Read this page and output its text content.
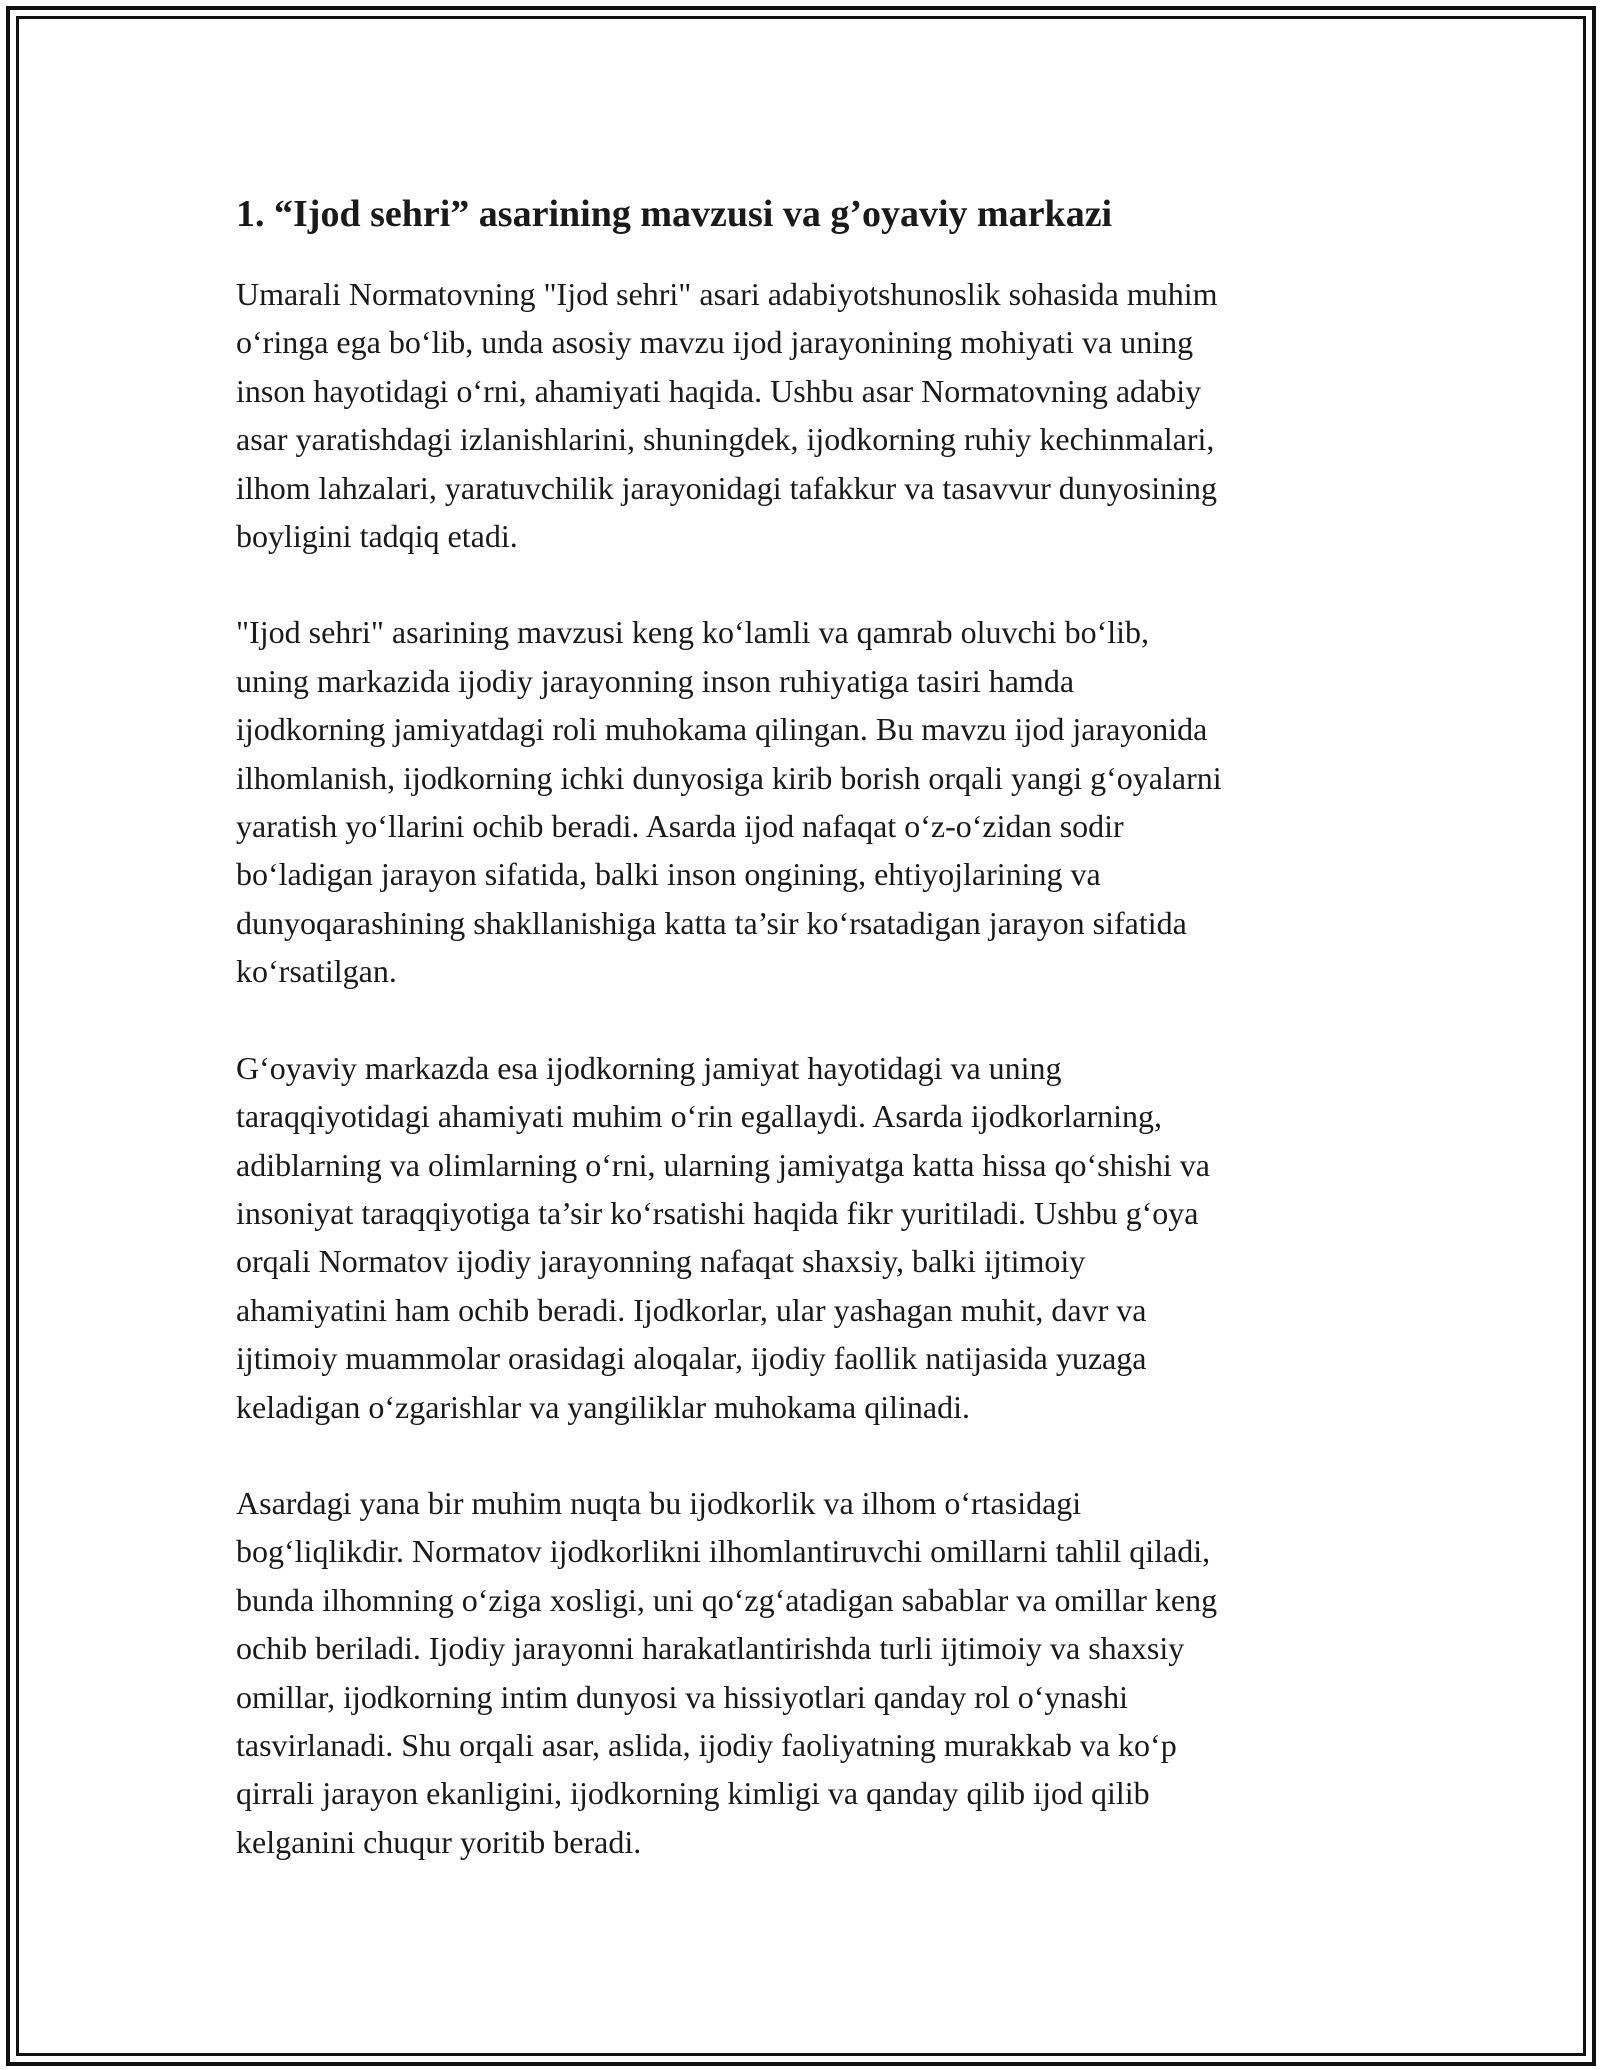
1. “Ijod sehri” asarining mavzusi va g’oyaviy markazi

Umarali Normatovning "Ijod sehri" asari adabiyotshunoslik sohasida muhim
o‘ringa ega bo‘lib, unda asosiy mavzu ijod jarayonining mohiyati va uning
inson hayotidagi o‘rni, ahamiyati haqida. Ushbu asar Normatovning adabiy
asar yaratishdagi izlanishlarini, shuningdek, ijodkorning ruhiy kechinmalari,
ilhom lahzalari, yaratuvchilik jarayonidagi tafakkur va tasavvur dunyosining
boyligini tadqiq etadi.

"Ijod sehri" asarining mavzusi keng ko‘lamli va qamrab oluvchi bo‘lib,
uning markazida ijodiy jarayonning inson ruhiyatiga tasiri hamda
ijodkorning jamiyatdagi roli muhokama qilingan. Bu mavzu ijod jarayonida
ilhomlanish, ijodkorning ichki dunyosiga kirib borish orqali yangi g‘oyalarni
yaratish yo‘llarini ochib beradi. Asarda ijod nafaqat o‘z-o‘zidan sodir
bo‘ladigan jarayon sifatida, balki inson ongining, ehtiyojlarining va
dunyoqarashining shakllanishiga katta ta’sir ko‘rsatadigan jarayon sifatida
ko‘rsatilgan.

G‘oyaviy markazda esa ijodkorning jamiyat hayotidagi va uning
taraqqiyotidagi ahamiyati muhim o‘rin egallaydi. Asarda ijodkorlarning,
adiblarning va olimlarning o‘rni, ularning jamiyatga katta hissa qo‘shishi va
insoniyat taraqqiyotiga ta’sir ko‘rsatishi haqida fikr yuritiladi. Ushbu g‘oya
orqali Normatov ijodiy jarayonning nafaqat shaxsiy, balki ijtimoiy
ahamiyatini ham ochib beradi. Ijodkorlar, ular yashagan muhit, davr va
ijtimoiy muammolar orasidagi aloqalar, ijodiy faollik natijasida yuzaga
keladigan o‘zgarishlar va yangiliklar muhokama qilinadi.

Asardagi yana bir muhim nuqta bu ijodkorlik va ilhom o‘rtasidagi
bog‘liqlikdir. Normatov ijodkorlikni ilhomlantiruvchi omillarni tahlil qiladi,
bunda ilhomning o‘ziga xosligi, uni qo‘zg‘atadigan sabablar va omillar keng
ochib beriladi. Ijodiy jarayonni harakatlantirishda turli ijtimoiy va shaxsiy
omillar, ijodkorning intim dunyosi va hissiyotlari qanday rol o‘ynashi
tasvirlanadi. Shu orqali asar, aslida, ijodiy faoliyatning murakkab va ko‘p
qirrali jarayon ekanligini, ijodkorning kimligi va qanday qilib ijod qilib
kelganini chuqur yoritib beradi.
